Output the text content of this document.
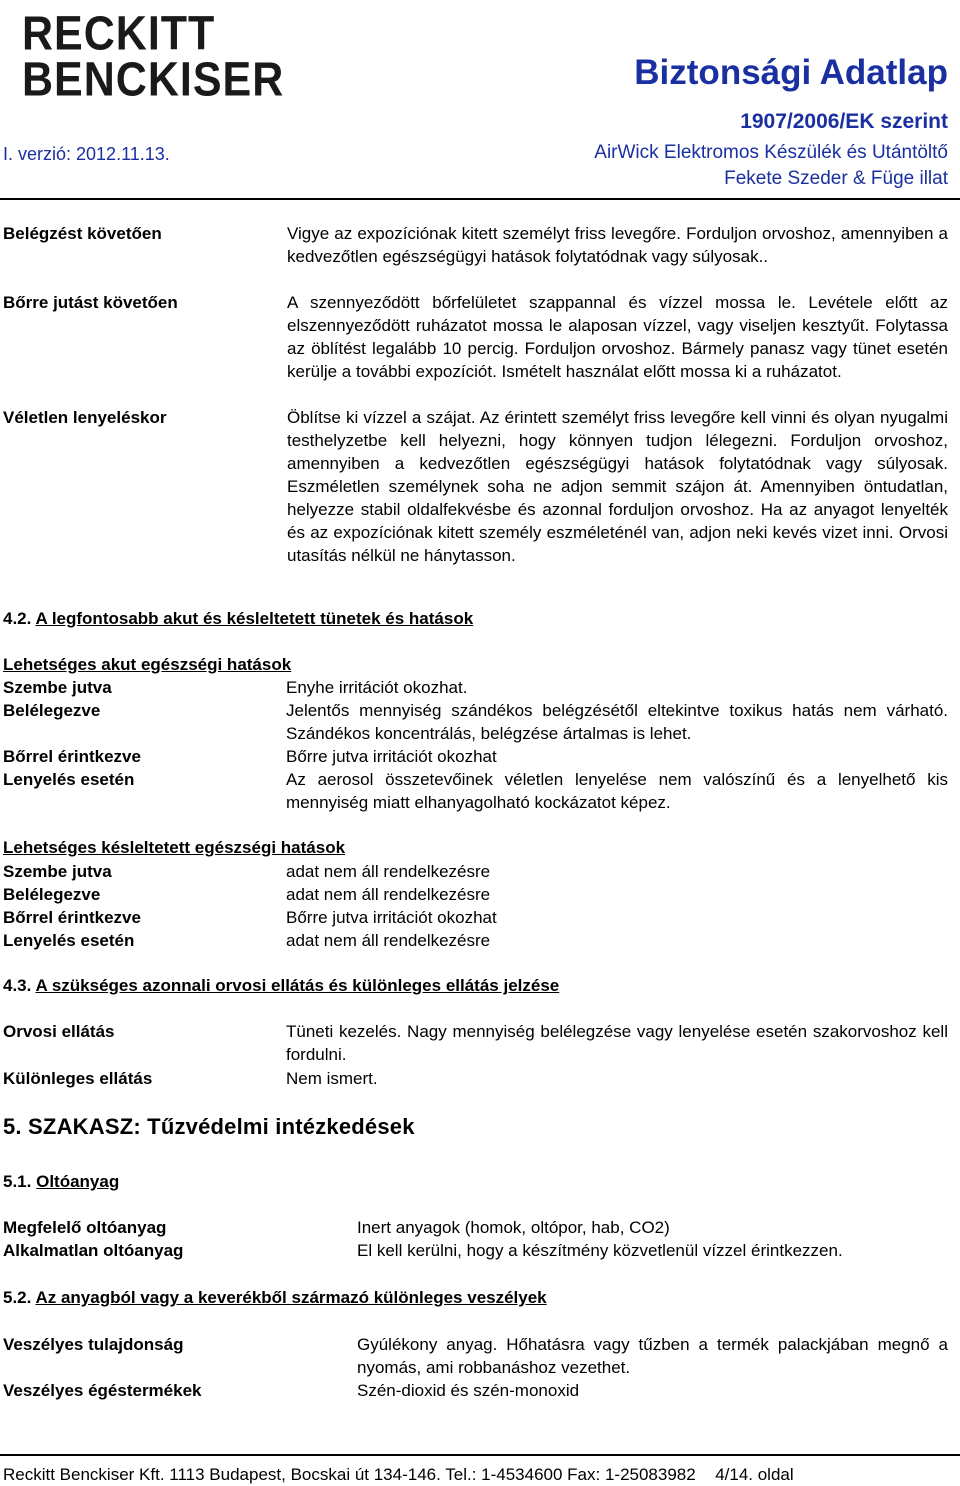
RECKITT
BENCKISER
I. verzió: 2012.11.13.
Biztonsági Adatlap
1907/2006/EK szerint
AirWick Elektromos Készülék és Utántöltő
Fekete Szeder & Füge illat
Belégzést követően	Vigye az expozíciónak kitett személyt friss levegőre. Forduljon orvoshoz, amennyiben a kedvezőtlen egészségügyi hatások folytatódnak vagy súlyosak..
Bőrre jutást követően	A szennyeződött bőrfelületet szappannal és vízzel mossa le. Levétele előtt az elszennyeződött ruházatot mossa le alaposan vízzel, vagy viseljen kesztyűt. Folytassa az öblítést legalább 10 percig. Forduljon orvoshoz. Bármely panasz vagy tünet esetén kerülje a további expozíciót. Ismételt használat előtt mossa ki a ruházatot.
Véletlen lenyeléskor	Öblítse ki vízzel a szájat. Az érintett személyt friss levegőre kell vinni és olyan nyugalmi testhelyzetbe kell helyezni, hogy könnyen tudjon lélegezni. Forduljon orvoshoz, amennyiben a kedvezőtlen egészségügyi hatások folytatódnak vagy súlyosak. Eszméletlen személynek soha ne adjon semmit szájon át. Amennyiben öntudatlan, helyezze stabil oldalfekvésbe és azonnal forduljon orvoshoz. Ha az anyagot lenyelték és az expozíciónak kitett személy eszméleténél van, adjon neki kevés vizet inni. Orvosi utasítás nélkül ne hánytasson.
4.2. A legfontosabb akut és késleltetett tünetek és hatások
Lehetséges akut egészségi hatások
Szembe jutva	Enyhe irritációt okozhat.
Belélegezve	Jelentős mennyiség szándékos belégzésétől eltekintve toxikus hatás nem várható. Szándékos koncentrálás, belégzése ártalmas is lehet.
Bőrrel érintkezve	Bőrre jutva irritációt okozhat
Lenyelés esetén	Az aerosol összetevőinek véletlen lenyelése nem valószínű és a lenyelhető kis mennyiség miatt elhanyagolható kockázatot képez.
Lehetséges késleltetett egészségi hatások
Szembe jutva	adat nem áll rendelkezésre
Belélegezve	adat nem áll rendelkezésre
Bőrrel érintkezve	Bőrre jutva irritációt okozhat
Lenyelés esetén	adat nem áll rendelkezésre
4.3. A szükséges azonnali orvosi ellátás és különleges ellátás jelzése
Orvosi ellátás	Tüneti kezelés. Nagy mennyiség belélegzése vagy lenyelése esetén szakorvoshoz kell fordulni.
Különleges ellátás	Nem ismert.
5. SZAKASZ: Tűzvédelmi intézkedések
5.1. Oltóanyag
Megfelelő oltóanyag	Inert anyagok (homok, oltópor, hab, CO2)
Alkalmatlan oltóanyag	El kell kerülni, hogy a készítmény közvetlenül vízzel érintkezzen.
5.2. Az anyagból vagy a keverékből származó különleges veszélyek
Veszélyes tulajdonság	Gyúlékony anyag. Hőhatásra vagy tűzben a termék palackjában megnő a nyomás, ami robbanáshoz vezethet.
Veszélyes égéstermékek	Szén-dioxid és szén-monoxid
Reckitt Benckiser Kft. 1113 Budapest, Bocskai út 134-146. Tel.: 1-4534600 Fax: 1-25083982 4/14. oldal
